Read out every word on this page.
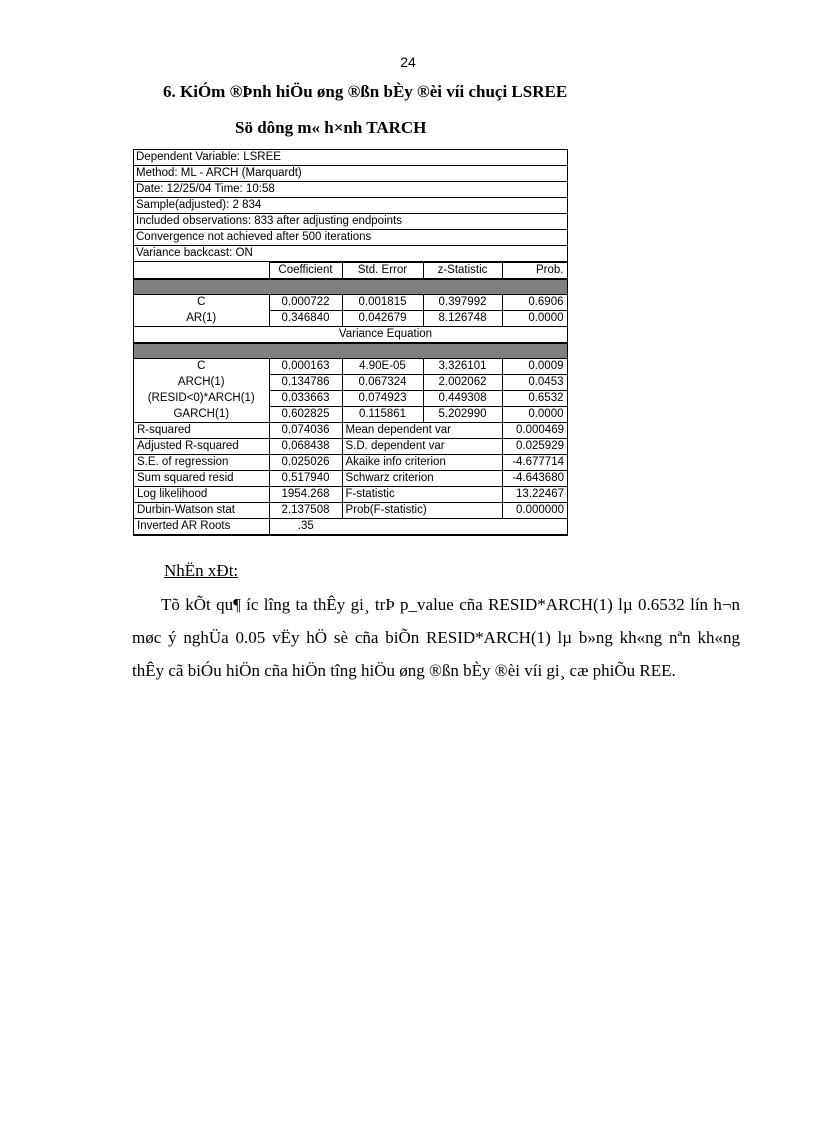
24
6. KiÓm ®Þnh hiÖu øng ®ßn bÈy ®èi víi chuçi LSREE
Sö dông m« h×nh TARCH
Dependent Variable: LSREE
Method: ML - ARCH (Marquardt)
Date: 12/25/04 Time: 10:58
Sample(adjusted): 2 834
Included observations: 833 after adjusting endpoints
Convergence not achieved after 500 iterations
Variance backcast: ON
	Coefficient	Std. Error	z-Statistic	Prob.

C	0.000722	0.001815	0.397992	0.6906
AR(1)	0.346840	0.042679	8.126748	0.0000
	Variance Equation			

C	0.000163	4.90E-05	3.326101	0.0009
ARCH(1)	0.134786	0.067324	2.002062	0.0453
(RESID<0)*ARCH(1)	0.033663	0.074923	0.449308	0.6532
GARCH(1)	0.602825	0.115861	5.202990	0.0000
R-squared	0.074036	Mean dependent var		0.000469
Adjusted R-squared	0.068438	S.D. dependent var		0.025929
S.E. of regression	0.025026	Akaike info criterion		-4.677714
Sum squared resid	0.517940	Schwarz criterion		-4.643680
Log likelihood	1954.268	F-statistic		13.22467
Durbin-Watson stat	2.137508	Prob(F-statistic)		0.000000
Inverted AR Roots	.35			
NhËn xÐt:
Tõ kÕt qu¶ íc lîng ta thÊy gi¸ trÞ p_value cña RESID*ARCH(1) lµ 0.6532 lín h¬n møc ý nghÜa 0.05 vËy hÖ sè cña biÕn RESID*ARCH(1) lµ b»ng kh«ng nªn kh«ng thÊy cã biÓu hiÖn cña hiÖn tîng hiÖu øng ®ßn bÈy ®èi víi gi¸ cæ phiÕu REE.
